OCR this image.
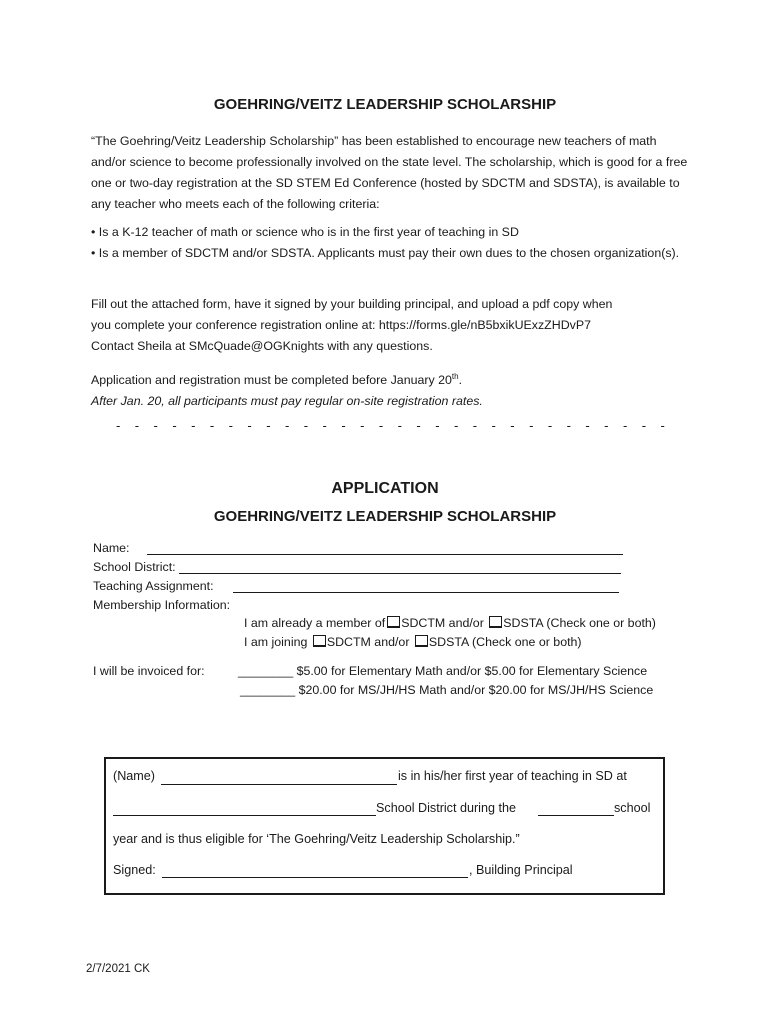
GOEHRING/VEITZ LEADERSHIP SCHOLARSHIP

“The Goehring/Veitz Leadership Scholarship” has been established to encourage new teachers of math and/or science to become professionally involved on the state level. The scholarship, which is good for a free one or two-day registration at the SD STEM Ed Conference (hosted by SDCTM and SDSTA), is available to any teacher who meets each of the following criteria:

• Is a K-12 teacher of math or science who is in the first year of teaching in SD

• Is a member of SDCTM and/or SDSTA. Applicants must pay their own dues to the chosen organization(s).

Fill out the attached form, have it signed by your building principal, and upload a pdf copy when

you complete your conference registration online at: https://forms.gle/nB5bxikUExzZHDvP7

Contact Sheila at SMcQuade@OGKnights with any questions.

Application and registration must be completed before January 20th.

After Jan. 20, all participants must pay regular on-site registration rates.

-    -    -    -    -    -    -    -    -    -    -    -    -    -    -    -    -    -    -    -    -    -    -    -    -    -    -    -    -    -
APPLICATION
GOEHRING/VEITZ LEADERSHIP SCHOLARSHIP
Name:
School District:
Teaching Assignment:
Membership Information:
I am already a member of SDCTM and/or SDSTA (Check one or both)
I am joining SDCTM and/or SDSTA (Check one or both)
I will be invoiced for:	________ $5.00 for Elementary Math and/or $5.00 for Elementary Science
________ $20.00 for MS/JH/HS Math and/or $20.00 for MS/JH/HS Science
(Name)	is in his/her first year of teaching in SD at
School District during the	school
year and is thus eligible for ‘The Goehring/Veitz Leadership Scholarship.”
Signed:	, Building Principal
2/7/2021 CK
